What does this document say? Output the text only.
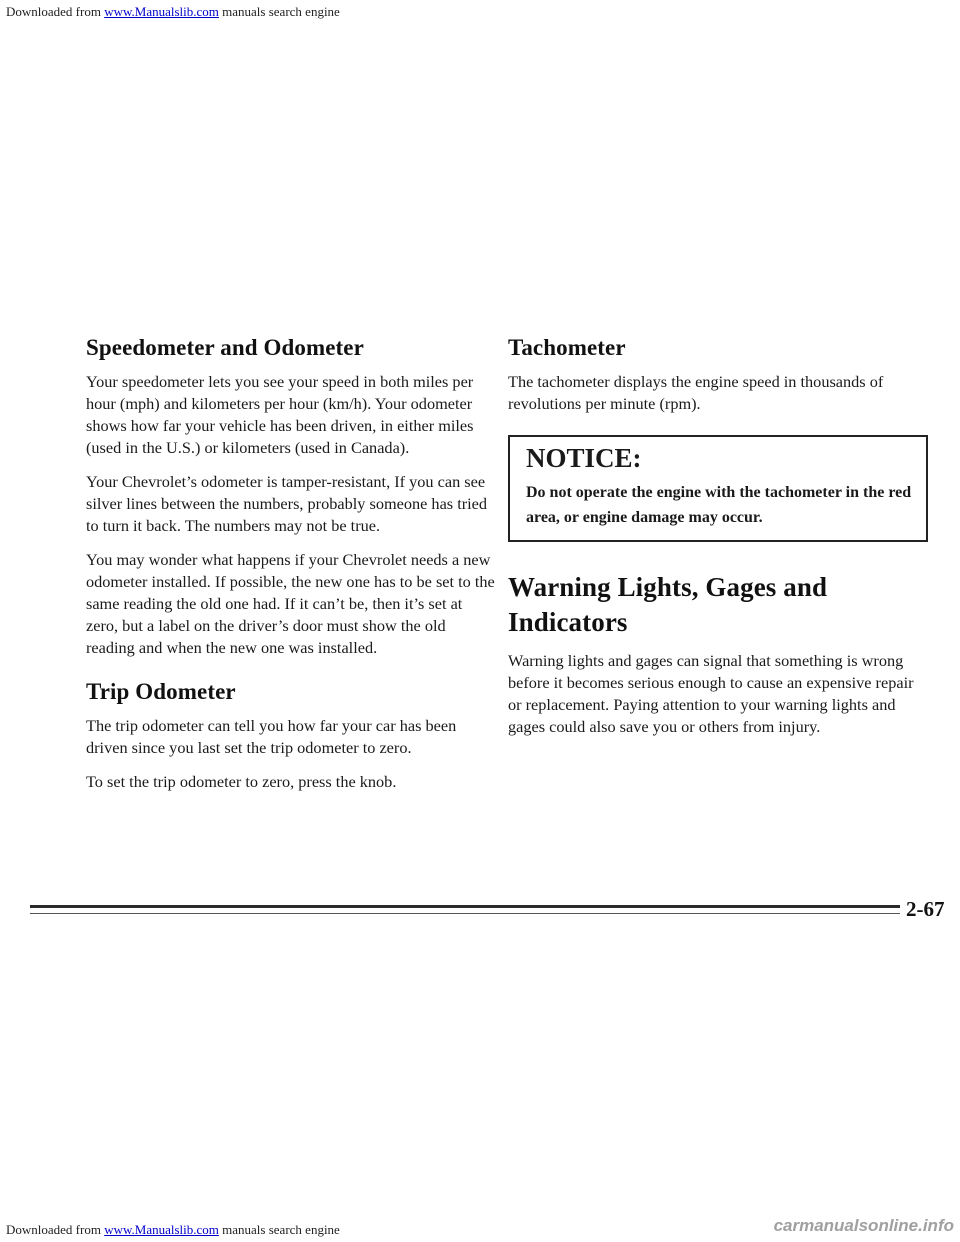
Downloaded from www.Manualslib.com manuals search engine
Speedometer and Odometer

Your speedometer lets you see your speed in both miles per hour (mph) and kilometers per hour (km/h). Your odometer shows how far your vehicle has been driven, in either miles (used in the U.S.) or kilometers (used in Canada).

Your Chevrolet’s odometer is tamper-resistant, If you can see silver lines between the numbers, probably someone has tried to turn it back. The numbers may not be true.

You may wonder what happens if your Chevrolet needs a new odometer installed. If possible, the new one has to be set to the same reading the old one had. If it can’t be, then it’s set at zero, but a label on the driver’s door must show the old reading and when the new one was installed.

Trip Odometer

The trip odometer can tell you how far your car has been driven since you last set the trip odometer to zero.

To set the trip odometer to zero, press the knob.

Tachometer

The tachometer displays the engine speed in thousands of revolutions per minute (rpm).

NOTICE:

Do not operate the engine with the tachometer in the red area, or engine damage may occur.

Warning Lights, Gages and Indicators

Warning lights and gages can signal that something is wrong before it becomes serious enough to cause an expensive repair or replacement. Paying attention to your warning lights and gages could also save you or others from injury.

2-67
Downloaded from www.Manualslib.com manuals search engine	carmanualsonline.info
